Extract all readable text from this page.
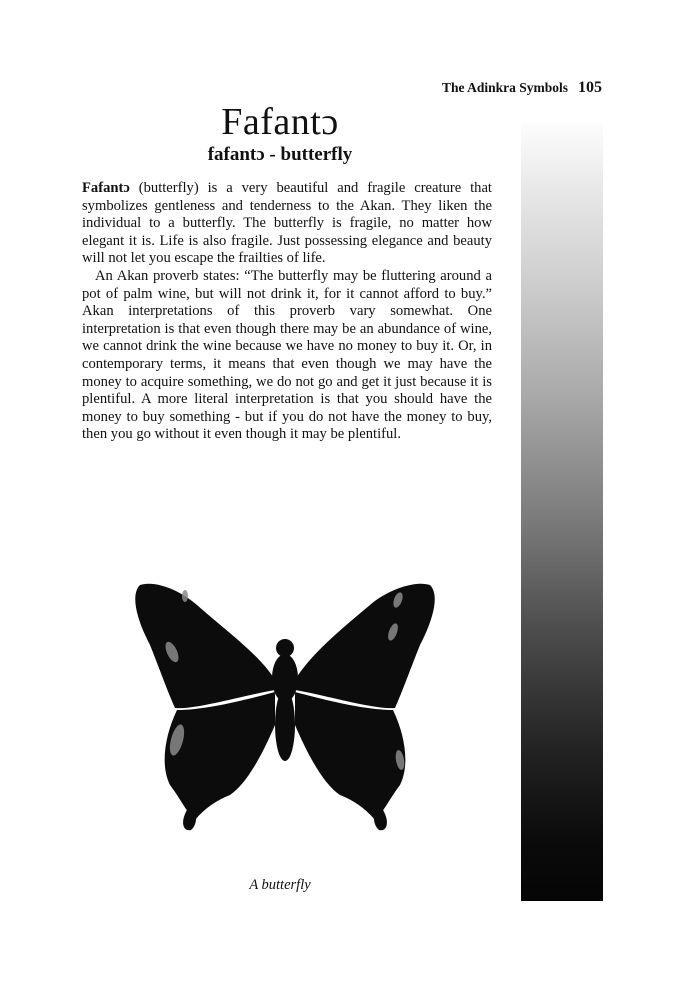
The Adinkra Symbols 105
Fafantɔ
fafantɔ - butterfly

Fafantɔ (butterfly) is a very beautiful and fragile creature that symbolizes gentleness and tenderness to the Akan. They liken the individual to a butterfly. The butterfly is fragile, no matter how elegant it is. Life is also fragile. Just possessing elegance and beauty will not let you escape the frailties of life.

An Akan proverb states: “The butterfly may be fluttering around a pot of palm wine, but will not drink it, for it cannot afford to buy.” Akan interpretations of this proverb vary somewhat. One interpretation is that even though there may be an abundance of wine, we cannot drink the wine because we have no money to buy it. Or, in contemporary terms, it means that even though we may have the money to acquire something, we do not go and get it just because it is plentiful. A more literal interpretation is that you should have the money to buy something - but if you do not have the money to buy, then you go without it even though it may be plentiful.

A butterfly
